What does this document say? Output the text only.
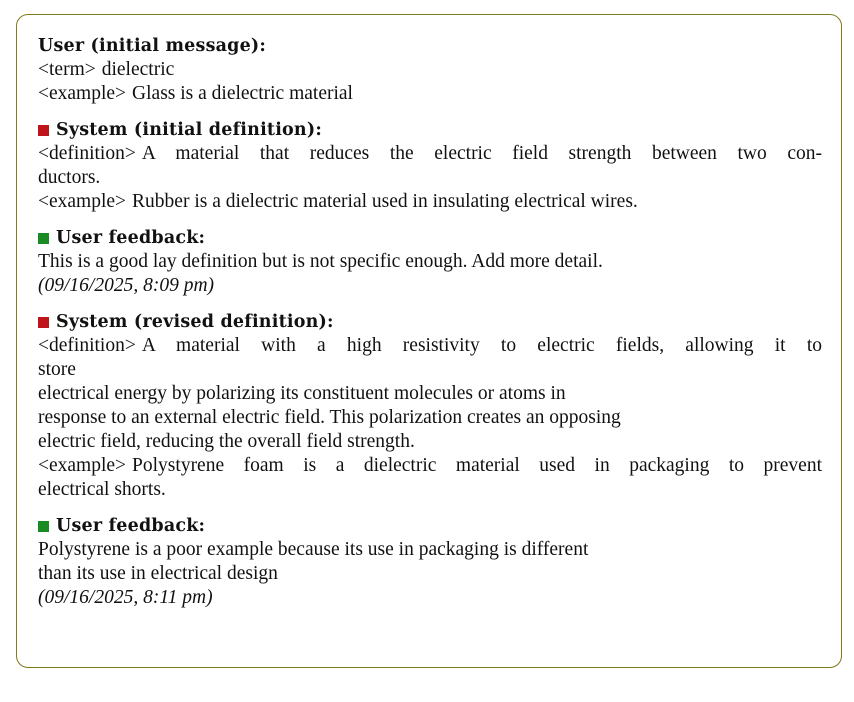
User (initial message):
<term> dielectric
<example> Glass is a dielectric material
System (initial definition):
<definition> A material that reduces the electric field strength between two con-
ductors.
<example> Rubber is a dielectric material used in insulating electrical wires.
User feedback:
This is a good lay definition but is not specific enough. Add more detail.
(09/16/2025, 8:09 pm)
System (revised definition):
<definition> A material with a high resistivity to electric fields, allowing it to
store
electrical energy by polarizing its constituent molecules or atoms in
response to an external electric field. This polarization creates an opposing
electric field, reducing the overall field strength.
<example> Polystyrene foam is a dielectric material used in packaging to prevent
electrical shorts.
User feedback:
Polystyrene is a poor example because its use in packaging is different
than its use in electrical design
(09/16/2025, 8:11 pm)
